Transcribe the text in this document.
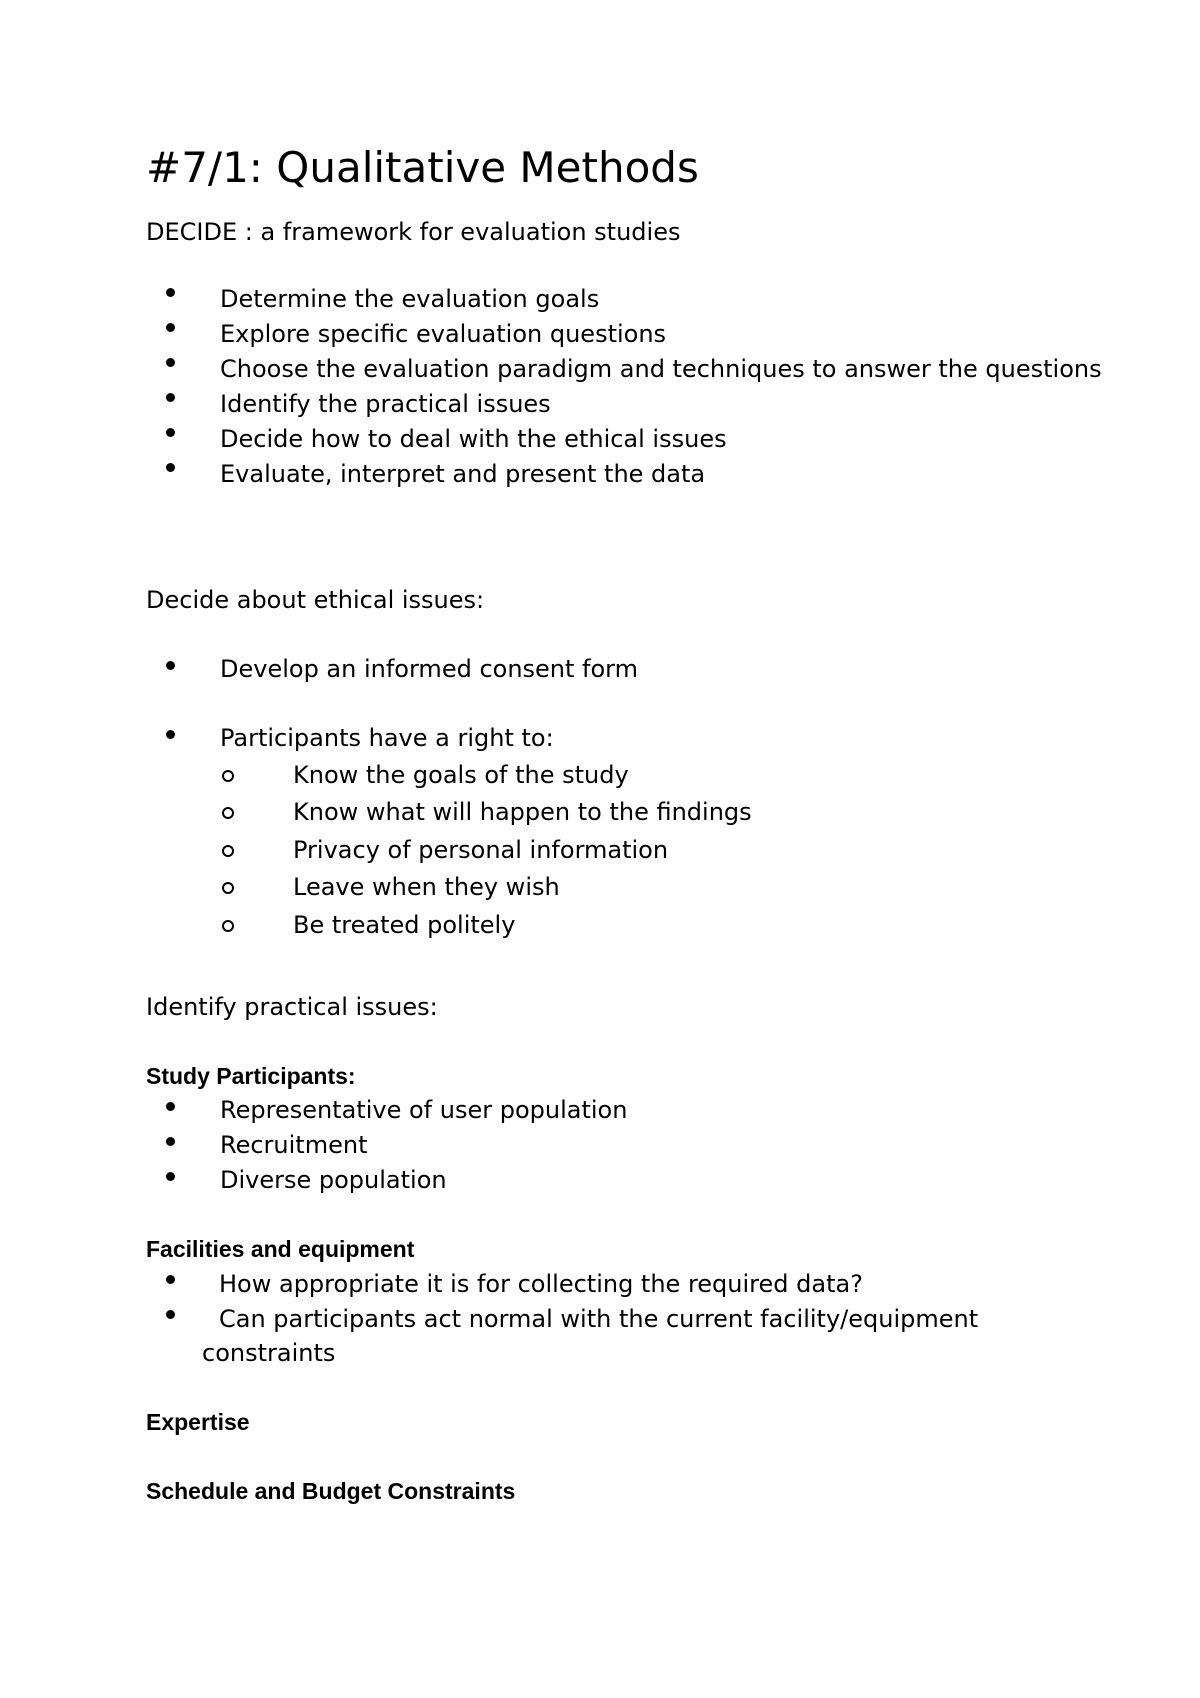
#7/1: Qualitative Methods
DECIDE : a framework for evaluation studies
Determine the evaluation goals
Explore specific evaluation questions
Choose the evaluation paradigm and techniques to answer the questions
Identify the practical issues
Decide how to deal with the ethical issues
Evaluate, interpret and present the data
Decide about ethical issues:
Develop an informed consent form
Participants have a right to:
Know the goals of the study
Know what will happen to the findings
Privacy of personal information
Leave when they wish
Be treated politely
Identify practical issues:
Study Participants:
Representative of user population
Recruitment
Diverse population
Facilities and equipment
How appropriate it is for collecting the required data?
Can participants act normal with the current facility/equipment
constraints
Expertise
Schedule and Budget Constraints
